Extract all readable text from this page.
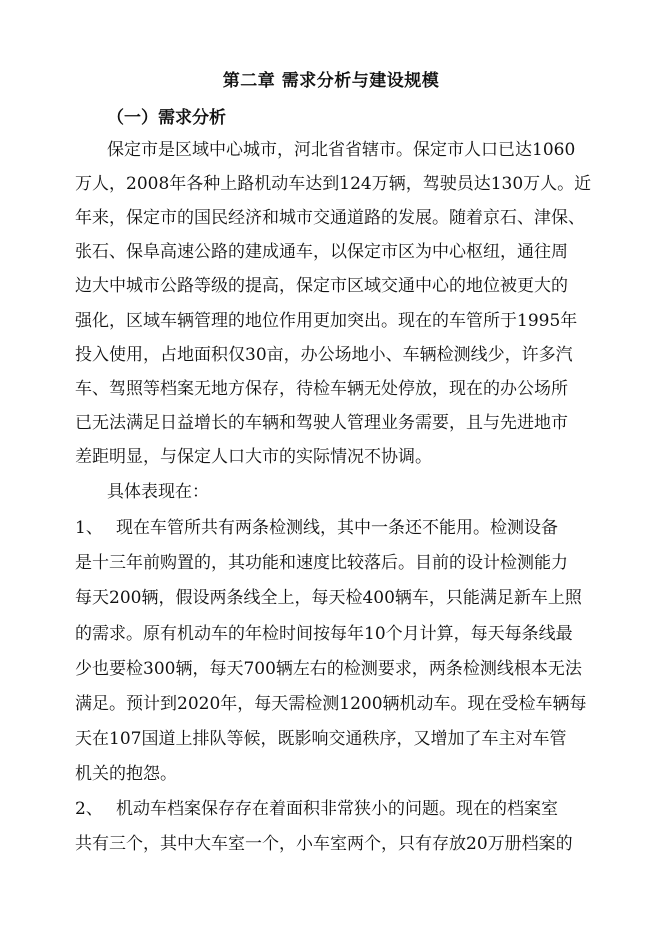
第二章 需求分析与建设规模
（一）需求分析
保定市是区域中心城市，河北省省辖市。保定市人口已达1060
万人，2008年各种上路机动车达到124万辆，驾驶员达130万人。近
年来，保定市的国民经济和城市交通道路的发展。随着京石、津保、
张石、保阜高速公路的建成通车，以保定市区为中心枢纽，通往周
边大中城市公路等级的提高，保定市区域交通中心的地位被更大的
强化，区域车辆管理的地位作用更加突出。现在的车管所于1995年
投入使用，占地面积仅30亩，办公场地小、车辆检测线少，许多汽
车、驾照等档案无地方保存，待检车辆无处停放，现在的办公场所
已无法满足日益增长的车辆和驾驶人管理业务需要，且与先进地市
差距明显，与保定人口大市的实际情况不协调。
具体表现在：
1、 现在车管所共有两条检测线，其中一条还不能用。检测设备
是十三年前购置的，其功能和速度比较落后。目前的设计检测能力
每天200辆，假设两条线全上，每天检400辆车，只能满足新车上照
的需求。原有机动车的年检时间按每年10个月计算，每天每条线最
少也要检300辆，每天700辆左右的检测要求，两条检测线根本无法
满足。预计到2020年，每天需检测1200辆机动车。现在受检车辆每
天在107国道上排队等候，既影响交通秩序，又增加了车主对车管
机关的抱怨。
2、 机动车档案保存存在着面积非常狭小的问题。现在的档案室
共有三个，其中大车室一个，小车室两个，只有存放20万册档案的
